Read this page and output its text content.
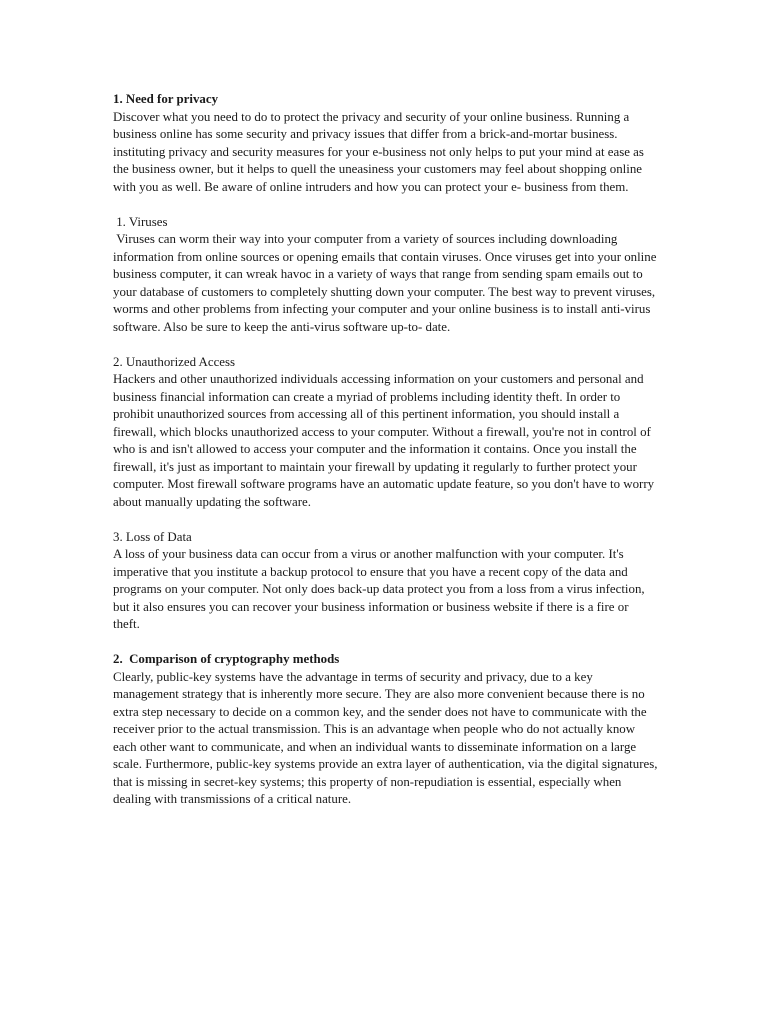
1. Need for privacy
Discover what you need to do to protect the privacy and security of your online business. Running a business online has some security and privacy issues that differ from a brick-and-mortar business. instituting privacy and security measures for your e-business not only helps to put your mind at ease as the business owner, but it helps to quell the uneasiness your customers may feel about shopping online with you as well. Be aware of online intruders and how you can protect your e- business from them.
1. Viruses
Viruses can worm their way into your computer from a variety of sources including downloading information from online sources or opening emails that contain viruses. Once viruses get into your online business computer, it can wreak havoc in a variety of ways that range from sending spam emails out to your database of customers to completely shutting down your computer. The best way to prevent viruses, worms and other problems from infecting your computer and your online business is to install anti-virus software. Also be sure to keep the anti-virus software up-to- date.
2. Unauthorized Access
Hackers and other unauthorized individuals accessing information on your customers and personal and business financial information can create a myriad of problems including identity theft. In order to prohibit unauthorized sources from accessing all of this pertinent information, you should install a firewall, which blocks unauthorized access to your computer. Without a firewall, you're not in control of who is and isn't allowed to access your computer and the information it contains. Once you install the firewall, it's just as important to maintain your firewall by updating it regularly to further protect your computer. Most firewall software programs have an automatic update feature, so you don't have to worry about manually updating the software.
3. Loss of Data
A loss of your business data can occur from a virus or another malfunction with your computer. It's imperative that you institute a backup protocol to ensure that you have a recent copy of the data and programs on your computer. Not only does back-up data protect you from a loss from a virus infection, but it also ensures you can recover your business information or business website if there is a fire or theft.
2.  Comparison of cryptography methods
Clearly, public-key systems have the advantage in terms of security and privacy, due to a key management strategy that is inherently more secure. They are also more convenient because there is no extra step necessary to decide on a common key, and the sender does not have to communicate with the receiver prior to the actual transmission. This is an advantage when people who do not actually know each other want to communicate, and when an individual wants to disseminate information on a large scale. Furthermore, public-key systems provide an extra layer of authentication, via the digital signatures, that is missing in secret-key systems; this property of non-repudiation is essential, especially when dealing with transmissions of a critical nature.
